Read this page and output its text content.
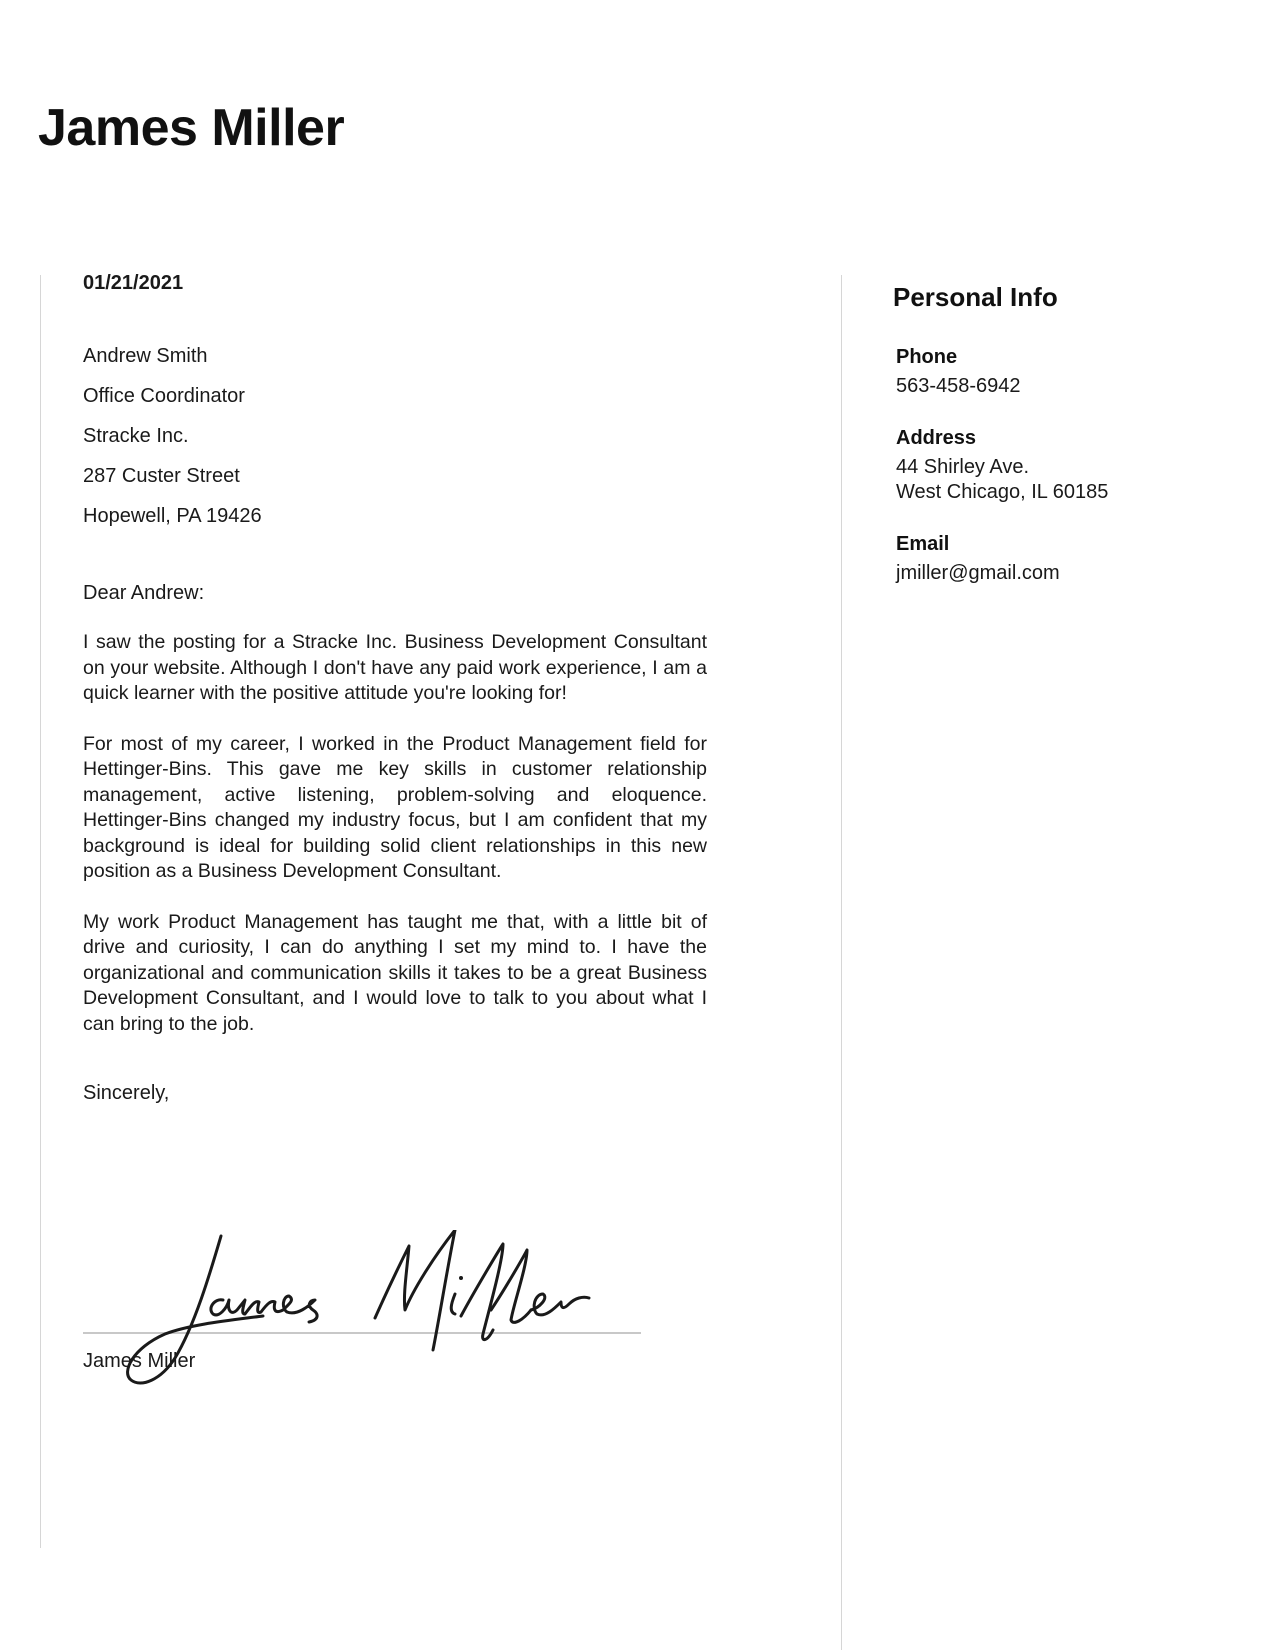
James Miller

01/21/2021

Andrew Smith
Office Coordinator
Stracke Inc.
287 Custer Street
Hopewell, PA 19426
Dear Andrew:
I saw the posting for a Stracke Inc. Business Development Consultant on your website. Although I don't have any paid work experience, I am a quick learner with the positive attitude you're looking for!
For most of my career, I worked in the Product Management field for Hettinger-Bins. This gave me key skills in customer relationship management, active listening, problem-solving and eloquence. Hettinger-Bins changed my industry focus, but I am confident that my background is ideal for building solid client relationships in this new position as a Business Development Consultant.
My work Product Management has taught me that, with a little bit of drive and curiosity, I can do anything I set my mind to. I have the organizational and communication skills it takes to be a great Business Development Consultant, and I would love to talk to you about what I can bring to the job.
Sincerely,
James Miller
Personal Info
Phone
563-458-6942
Address
44 Shirley Ave.
West Chicago, IL 60185
Email
jmiller@gmail.com
